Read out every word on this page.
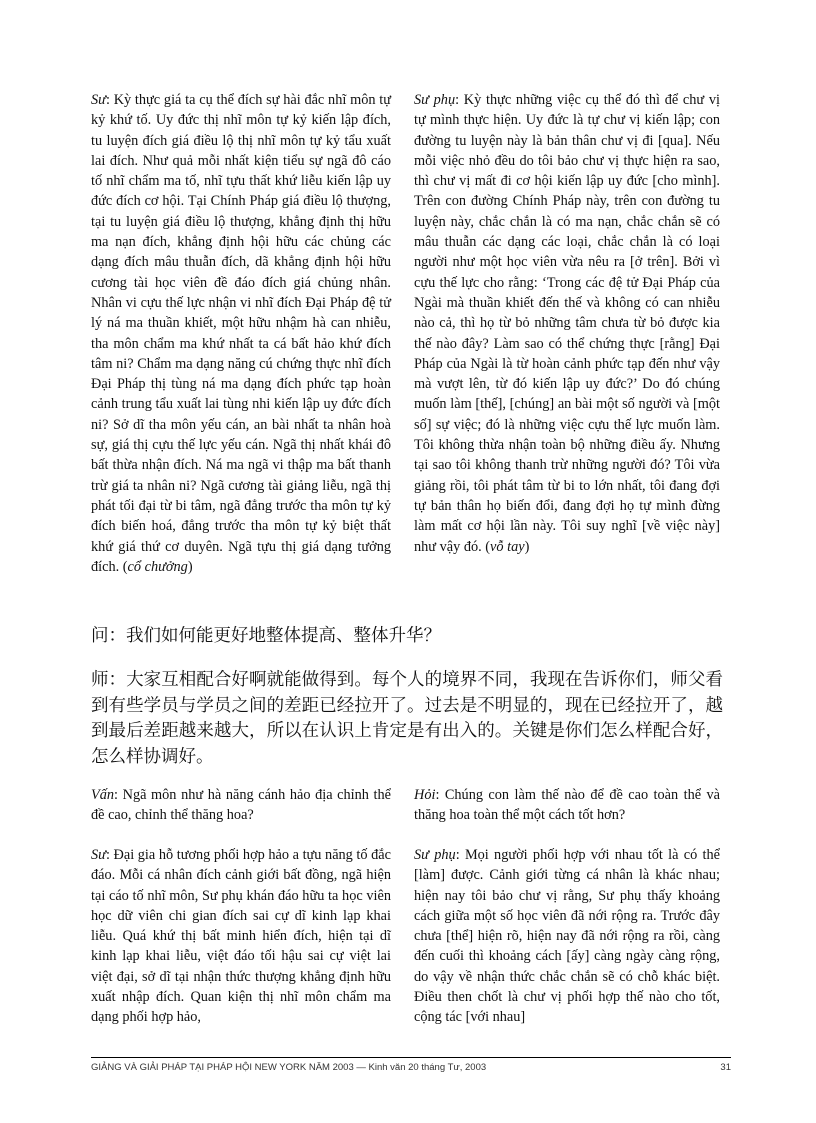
Sư: Kỳ thực giá ta cụ thể đích sự hài đắc nhĩ môn tự kỷ khứ tố. Uy đức thị nhĩ môn tự kỷ kiến lập đích, tu luyện đích giá điều lộ thị nhĩ môn tự kỷ tẩu xuất lai đích. Như quả mỗi nhất kiện tiểu sự ngã đô cáo tố nhĩ chẩm ma tố, nhĩ tựu thất khứ liễu kiến lập uy đức đích cơ hội. Tại Chính Pháp giá điều lộ thượng, tại tu luyện giá điều lộ thượng, khẳng định thị hữu ma nạn đích, khẳng định hội hữu các chủng các dạng đích mâu thuẫn đích, dã khẳng định hội hữu cương tài học viên đề đáo đích giá chủng nhân. Nhân vi cựu thế lực nhận vi nhĩ đích Đại Pháp đệ tử lý ná ma thuần khiết, một hữu nhậm hà can nhiễu, tha môn chẩm ma khứ nhất ta cá bất hảo khứ đích tâm ni? Chẩm ma dạng năng cú chứng thực nhĩ đích Đại Pháp thị tùng ná ma dạng đích phức tạp hoàn cảnh trung tẩu xuất lai tùng nhi kiến lập uy đức đích ni? Sở dĩ tha môn yếu cán, an bài nhất ta nhân hoà sự, giá thị cựu thế lực yếu cán. Ngã thị nhất khái đô bất thừa nhận đích. Ná ma ngã vi thập ma bất thanh trừ giá ta nhân ni? Ngã cương tài giảng liễu, ngã thị phát tối đại từ bi tâm, ngã đẳng trước tha môn tự kỷ đích biến hoá, đẳng trước tha môn tự kỷ biệt thất khứ giá thứ cơ duyên. Ngã tựu thị giá dạng tưởng đích. (cổ chưởng)

Sư phụ: Kỳ thực những việc cụ thể đó thì để chư vị tự mình thực hiện. Uy đức là tự chư vị kiến lập; con đường tu luyện này là bản thân chư vị đi [qua]. Nếu mỗi việc nhỏ đều do tôi bảo chư vị thực hiện ra sao, thì chư vị mất đi cơ hội kiến lập uy đức [cho mình]. Trên con đường Chính Pháp này, trên con đường tu luyện này, chắc chắn là có ma nạn, chắc chắn sẽ có mâu thuẫn các dạng các loại, chắc chắn là có loại người như một học viên vừa nêu ra [ở trên]. Bởi vì cựu thế lực cho rằng: ‘Trong các đệ tử Đại Pháp của Ngài mà thuần khiết đến thế và không có can nhiễu nào cả, thì họ từ bỏ những tâm chưa từ bỏ được kia thế nào đây? Làm sao có thể chứng thực [rằng] Đại Pháp của Ngài là từ hoàn cảnh phức tạp đến như vậy mà vượt lên, từ đó kiến lập uy đức?’ Do đó chúng muốn làm [thế], [chúng] an bài một số người và [một số] sự việc; đó là những việc cựu thế lực muốn làm. Tôi không thừa nhận toàn bộ những điều ấy. Nhưng tại sao tôi không thanh trừ những người đó? Tôi vừa giảng rồi, tôi phát tâm từ bi to lớn nhất, tôi đang đợi tự bản thân họ biến đổi, đang đợi họ tự mình đừng làm mất cơ hội lần này. Tôi suy nghĩ [về việc này] như vậy đó. (vỗ tay)

问：我们如何能更好地整体提高、整体升华？
师：大家互相配合好啊就能做得到。每个人的境界不同，我现在告诉你们，师父看到有些学员与学员之间的差距已经拉开了。过去是不明显的，现在已经拉开了，越到最后差距越来越大，所以在认识上肯定是有出入的。关键是你们怎么样配合好，怎么样协调好。

Vấn: Ngã môn như hà năng cánh hảo địa chỉnh thể đề cao, chỉnh thể thăng hoa?

Hỏi: Chúng con làm thế nào để đề cao toàn thể và thăng hoa toàn thể một cách tốt hơn?

Sư: Đại gia hỗ tương phối hợp hảo a tựu năng tố đắc đáo. Mỗi cá nhân đích cảnh giới bất đồng, ngã hiện tại cáo tố nhĩ môn, Sư phụ khán đáo hữu ta học viên học dữ viên chi gian đích sai cự dĩ kinh lạp khai liễu. Quá khứ thị bất minh hiển đích, hiện tại dĩ kinh lạp khai liễu, việt đáo tối hậu sai cự việt lai việt đại, sở dĩ tại nhận thức thượng khẳng định hữu xuất nhập đích. Quan kiện thị nhĩ môn chẩm ma dạng phối hợp hảo,

Sư phụ: Mọi người phối hợp với nhau tốt là có thể [làm] được. Cảnh giới từng cá nhân là khác nhau; hiện nay tôi bảo chư vị rằng, Sư phụ thấy khoảng cách giữa một số học viên đã nới rộng ra. Trước đây chưa [thể] hiện rõ, hiện nay đã nới rộng ra rồi, càng đến cuối thì khoảng cách [ấy] càng ngày càng rộng, do vậy về nhận thức chắc chắn sẽ có chỗ khác biệt. Điều then chốt là chư vị phối hợp thế nào cho tốt, cộng tác [với nhau]

GIẢNG VÀ GIẢI PHÁP TẠI PHÁP HỘI NEW YORK NĂM 2003 — Kinh văn 20 tháng Tư, 2003	31
